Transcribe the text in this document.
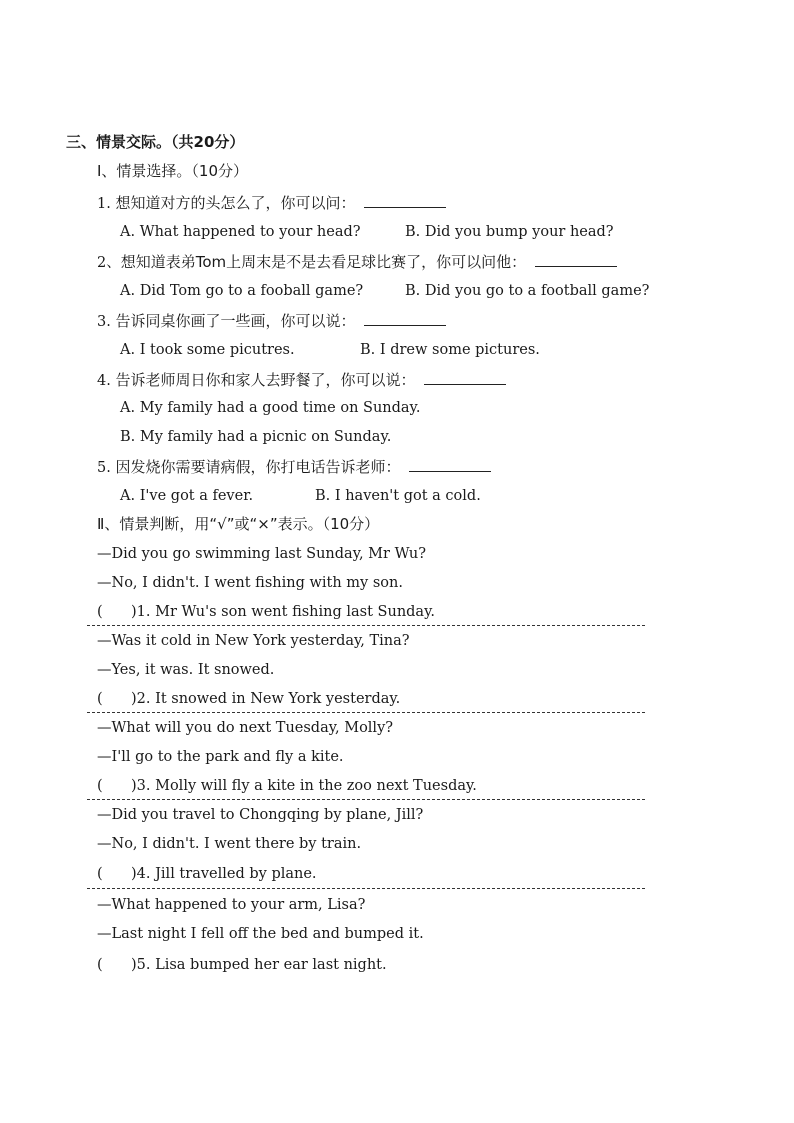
三、情景交际。（共20分）
Ⅰ、情景选择。（10分）
1. 想知道对方的头怎么了，你可以问：
A. What happened to your head?	B. Did you bump your head?
2、想知道表弟Tom上周末是不是去看足球比赛了，你可以问他：
A. Did Tom go to a fooball game?	B. Did you go to a football game?
3. 告诉同桌你画了一些画，你可以说：
A. I took some picutres.	B. I drew some pictures.
4. 告诉老师周日你和家人去野餐了，你可以说：
A. My family had a good time on Sunday.
B. My family had a picnic on Sunday.
5. 因发烧你需要请病假，你打电话告诉老师：
A. I've got a fever.	B. I haven't got a cold.
Ⅱ、情景判断，用“√”或“×”表示。（10分）
—Did you go swimming last Sunday, Mr Wu?
—No, I didn't. I went fishing with my son.
( )1. Mr Wu's son went fishing last Sunday.
—Was it cold in New York yesterday, Tina?
—Yes, it was. It snowed.
( )2. It snowed in New York yesterday.
—What will you do next Tuesday, Molly?
—I'll go to the park and fly a kite.
( )3. Molly will fly a kite in the zoo next Tuesday.
—Did you travel to Chongqing by plane, Jill?
—No, I didn't. I went there by train.
( )4. Jill travelled by plane.
—What happened to your arm, Lisa?
—Last night I fell off the bed and bumped it.
( )5. Lisa bumped her ear last night.
